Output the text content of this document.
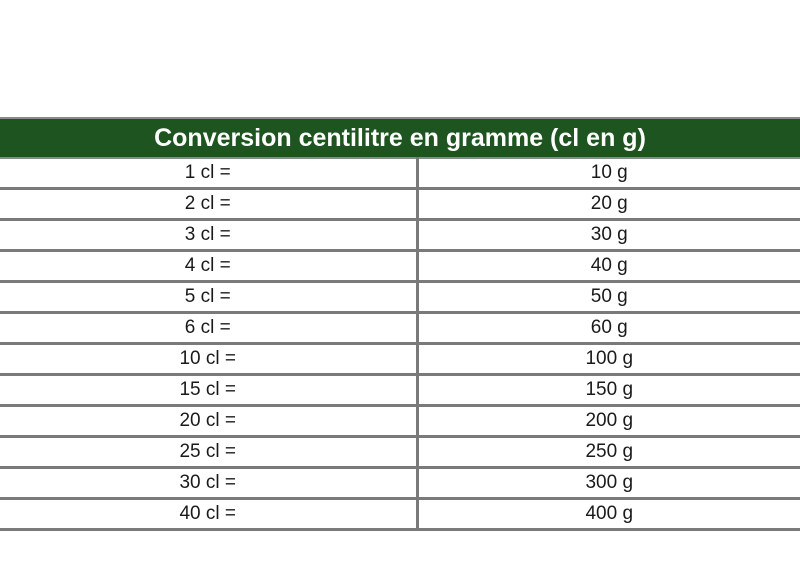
Conversion centilitre en gramme (cl en g)	
1 cl =	10 g
2 cl =	20 g
3 cl =	30 g
4 cl =	40 g
5 cl =	50 g
6 cl =	60 g
10 cl =	100 g
15 cl =	150 g
20 cl =	200 g
25 cl =	250 g
30 cl =	300 g
40 cl =	400 g
